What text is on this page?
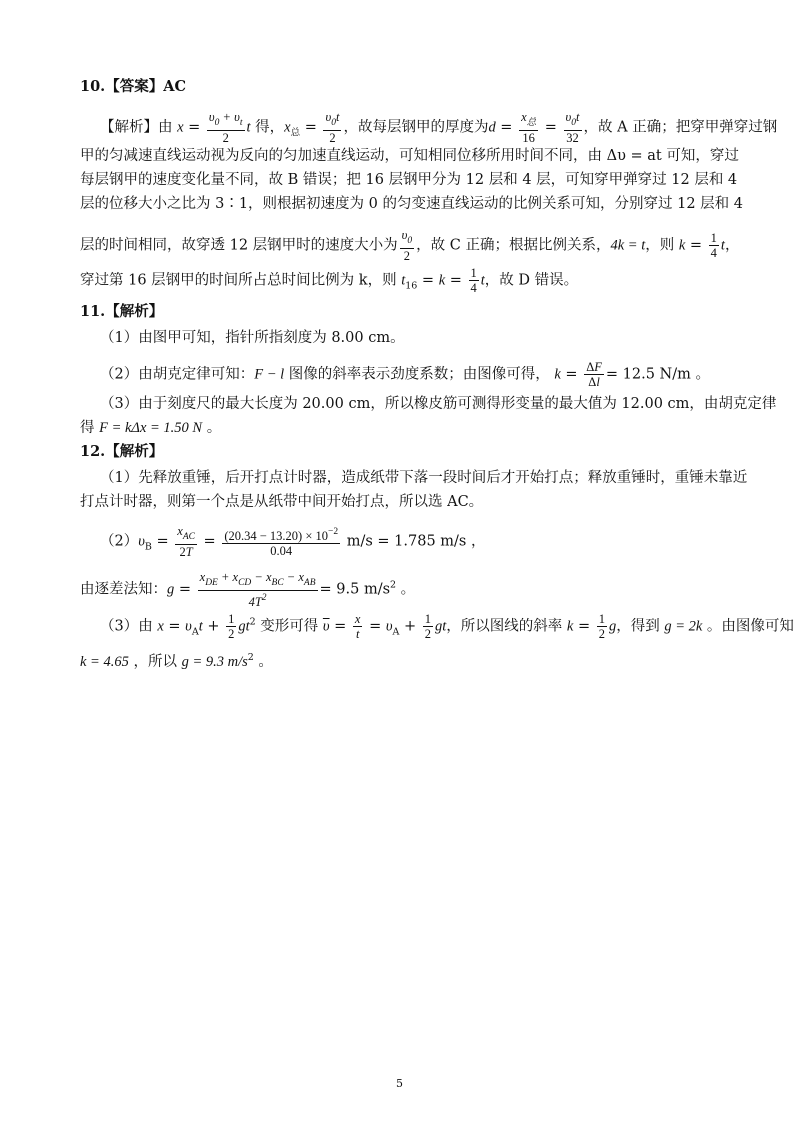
10.【答案】AC
【解析】由 $x = \frac{\upsilon_0 + \upsilon_t}{2}$ t 得，$x_总 = \frac{\upsilon_0t}{2}$ ，故每层钢甲的厚度为$d = \frac{x_总}{16} = \frac{\upsilon_0t}{32}$ ，故 A 正确；把穿甲弹穿过钢
甲的匀减速直线运动视为反向的匀加速直线运动，可知相同位移所用时间不同，由 Δυ = at 可知，穿过
每层钢甲的速度变化量不同，故 B 错误；把 16 层钢甲分为 12 层和 4 层，可知穿甲弹穿过 12 层和 4
层的位移大小之比为 3∶1，则根据初速度为 0 的匀变速直线运动的比例关系可知，分别穿过 12 层和 4
层的时间相同，故穿透 12 层钢甲时的速度大小为 $\frac{\upsilon_0}{2}$ ，故 C 正确；根据比例关系，4k = t，则 $k = \frac{1}{4}$ t，
穿过第 16 层钢甲的时间所占总时间比例为 k，则 $t_{16} = k = \frac{1}{4}$ t，故 D 错误。
11.【解析】
（1）由图甲可知，指针所指刻度为 8.00 cm。
（2）由胡克定律可知：F − l 图像的斜率表示劲度系数；由图像可得， $k = \frac{\Delta F}{\Delta l} = 12.5$ N/m 。
（3）由于刻度尺的最大长度为 20.00 cm，所以橡皮筋可测得形变量的最大值为 12.00 cm，由胡克定律
得 F = kΔx = 1.50 N 。
12.【解析】
（1）先释放重锤，后开打点计时器，造成纸带下落一段时间后才开始打点；释放重锤时，重锤未靠近
打点计时器，则第一个点是从纸带中间开始打点，所以选 AC。
$(2)\upsilon_B = \frac{x_{AC}}{2T} = \frac{(20.34 - 13.20) \times 10^{-2}}{0.04} m/s = 1.785$ m/s ，
由逐差法知：$g = \frac{x_{DE} + x_{CD} - x_{BC} - x_{AB}}{4T^2} = 9.5$ $m/s^2$ 。
（3）由 $x = \upsilon_At + \frac{1}{2} gt^2$ 变形可得 $\overline{\upsilon} = \frac{x}{t} = \upsilon_A + \frac{1}{2}$ gt，所以图线的斜率 $k = \frac{1}{2}$ g，得到 g = 2k 。由图像可知
k = 4.65 ，所以 g = 9.3 $m/s^2$ 。
5
